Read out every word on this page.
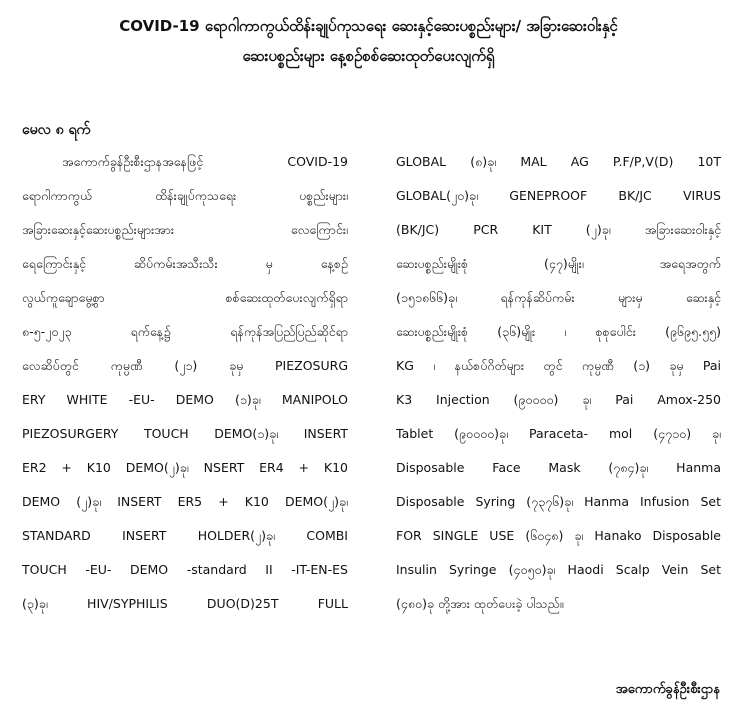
COVID-19 ရောဂါကာကွယ်ထိန်းချုပ်ကုသရေး ဆေးနှင့်ဆေးပစ္စည်းများ/ အခြားဆေးဝါးနှင့်
ဆေးပစ္စည်းများ နေ့စဉ်စစ်ဆေးထုတ်ပေးလျက်ရှိ
မေလ ၈ ရက်
အကောက်ခွန်ဦးစီးဌာနအနေဖြင့် COVID-19
ရောဂါကာကွယ် ထိန်းချုပ်ကုသရေး ပစ္စည်းများ၊
အခြားဆေးနှင့်ဆေးပစ္စည်းများအား လေကြောင်း၊
ရေကြောင်းနှင့် ဆိပ်ကမ်းအသီးသီး မှ နေ့စဉ်
လွယ်ကူချောမွေ့စွာ စစ်ဆေးထုတ်ပေးလျက်ရှိရာ
၈-၅-၂၀၂၃ ရက်နေ့၌ ရန်ကုန်အပြည်ပြည်ဆိုင်ရာ
လေဆိပ်တွင် ကုမ္ပဏီ (၂၁) ခုမှ PIEZOSURG
ERY WHITE -EU- DEMO (၁)ခု၊ MANIPOLO
PIEZOSURGERY TOUCH DEMO(၁)ခု၊ INSERT
ER2 + K10 DEMO(၂)ခု၊ NSERT ER4 + K10
DEMO (၂)ခု၊ INSERT ER5 + K10 DEMO(၂)ခု၊
STANDARD INSERT HOLDER(၂)ခု၊ COMBI
TOUCH -EU- DEMO -standard II -IT-EN-ES
(၃)ခု၊ HIV/SYPHILIS DUO(D)25T FULL
GLOBAL (၈)ခု၊ MAL AG P.F/P,V(D) 10T
GLOBAL(၂၀)ခု၊ GENEPROOF BK/JC VIRUS
(BK/JC) PCR KIT (၂)ခု၊ အခြားဆေးဝါးနှင့်
ဆေးပစ္စည်းမျိုးစုံ (၄၇)မျိုး၊ အရေအတွက်
(၁၅၁၈၆၆)ခု၊ ရန်ကုန်ဆိပ်ကမ်း များမှ ဆေးနှင့်
ဆေးပစ္စည်းမျိုးစုံ (၃၆)မျိုး ၊ စုစုပေါင်း (၉၆၉၅.၅၅)
KG ၊ နယ်စပ်ဂိတ်များ တွင် ကုမ္ပဏီ (၁) ခုမှ Pai
K3 Injection (၉၀၀၀၀) ခု၊ Pai Amox-250
Tablet (၉၀၀၀၀)ခု၊ Paraceta- mol (၄၇၁၀) ခု၊
Disposable Face Mask (၇၈၄)ခု၊ Hanma
Disposable Syring (၇၃၇၆)ခု၊ Hanma Infusion Set
FOR SINGLE USE (၆၀၄၈) ခု၊ Hanako Disposable
Insulin Syringe (၄၀၅၀)ခု၊ Haodi Scalp Vein Set
(၄၈၀)ခု တို့အား ထုတ်ပေးခဲ့ ပါသည်။
အကောက်ခွန်ဦးစီးဌာန
